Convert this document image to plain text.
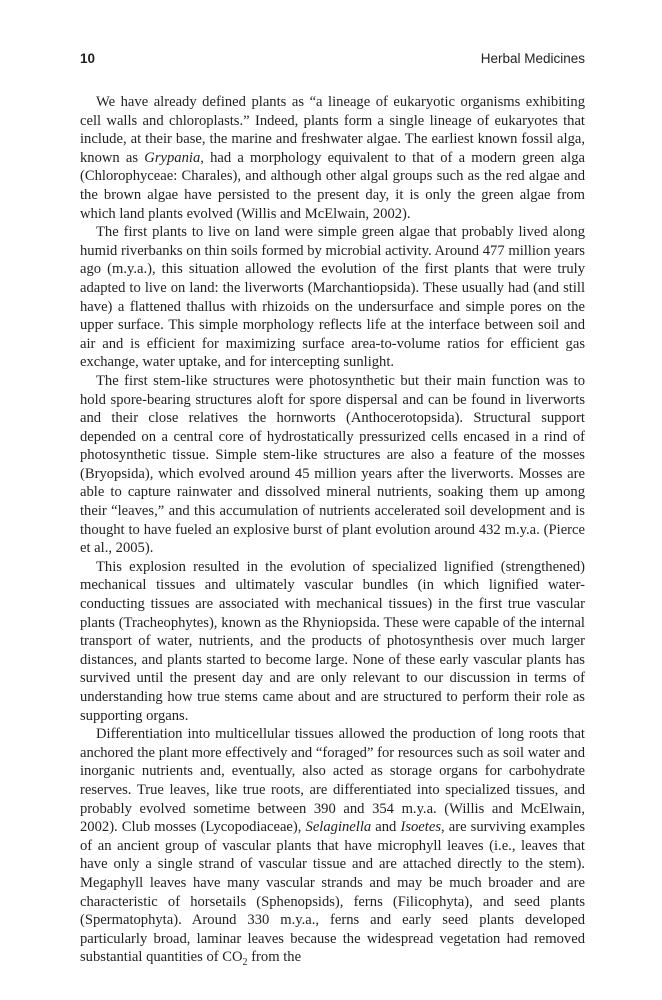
10	Herbal Medicines

We have already defined plants as “a lineage of eukaryotic organisms exhibiting cell walls and chloroplasts.” Indeed, plants form a single lineage of eukaryotes that include, at their base, the marine and freshwater algae. The earliest known fossil alga, known as Grypania, had a morphology equivalent to that of a modern green alga (Chlorophyceae: Charales), and although other algal groups such as the red algae and the brown algae have persisted to the present day, it is only the green algae from which land plants evolved (Willis and McElwain, 2002).

The first plants to live on land were simple green algae that probably lived along humid riverbanks on thin soils formed by microbial activity. Around 477 million years ago (m.y.a.), this situation allowed the evolution of the first plants that were truly adapted to live on land: the liverworts (Marchantiopsida). These usually had (and still have) a flattened thallus with rhizoids on the undersurface and simple pores on the upper surface. This simple morphology reflects life at the interface between soil and air and is efficient for maximizing surface area-to-volume ratios for efficient gas exchange, water uptake, and for intercepting sunlight.

The first stem-like structures were photosynthetic but their main function was to hold spore-bearing structures aloft for spore dispersal and can be found in liverworts and their close relatives the hornworts (Anthocerotopsida). Structural support depended on a central core of hydrostatically pressurized cells encased in a rind of photosynthetic tissue. Simple stem-like structures are also a feature of the mosses (Bryopsida), which evolved around 45 million years after the liverworts. Mosses are able to capture rainwater and dissolved mineral nutrients, soaking them up among their “leaves,” and this accumulation of nutrients accelerated soil development and is thought to have fueled an explosive burst of plant evolution around 432 m.y.a. (Pierce et al., 2005).

This explosion resulted in the evolution of specialized lignified (strengthened) mechanical tissues and ultimately vascular bundles (in which lignified water-conducting tissues are associated with mechanical tissues) in the first true vascular plants (Tracheophytes), known as the Rhyniopsida. These were capable of the internal transport of water, nutrients, and the products of photosynthesis over much larger distances, and plants started to become large. None of these early vascular plants has survived until the present day and are only relevant to our discussion in terms of understanding how true stems came about and are structured to perform their role as supporting organs.

Differentiation into multicellular tissues allowed the production of long roots that anchored the plant more effectively and “foraged” for resources such as soil water and inorganic nutrients and, eventually, also acted as storage organs for carbohydrate reserves. True leaves, like true roots, are differentiated into specialized tissues, and probably evolved sometime between 390 and 354 m.y.a. (Willis and McElwain, 2002). Club mosses (Lycopodiaceae), Selaginella and Isoetes, are surviving examples of an ancient group of vascular plants that have microphyll leaves (i.e., leaves that have only a single strand of vascular tissue and are attached directly to the stem). Megaphyll leaves have many vascular strands and may be much broader and are characteristic of horsetails (Sphenopsids), ferns (Filicophyta), and seed plants (Spermatophyta). Around 330 m.y.a., ferns and early seed plants developed particularly broad, laminar leaves because the widespread vegetation had removed substantial quantities of $CO_2$ from the
